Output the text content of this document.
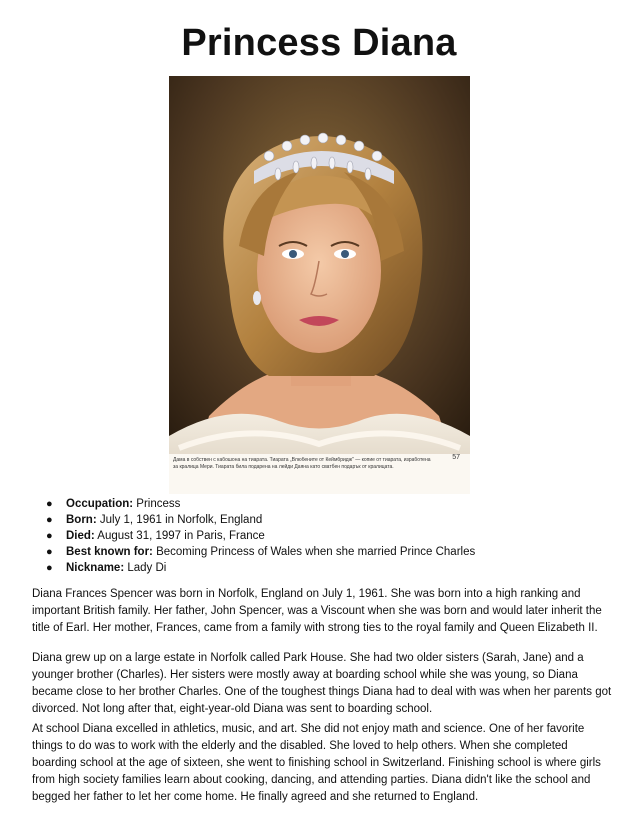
Princess Diana
Дама в собствен с кабошона на тиарата. Тиарата „Влюбените от Кеймбридж" — копие от тиарата, изработена за кралица Мери. Тиарата била подарена на лейди Даяна като сватбен подарък от кралицата.
57
● Occupation: Princess
● Born: July 1, 1961 in Norfolk, England
● Died: August 31, 1997 in Paris, France
● Best known for: Becoming Princess of Wales when she married Prince Charles
● Nickname: Lady Di

Diana Frances Spencer was born in Norfolk, England on July 1, 1961. She was born into a high ranking and important British family. Her father, John Spencer, was a Viscount when she was born and would later inherit the title of Earl. Her mother, Frances, came from a family with strong ties to the royal family and Queen Elizabeth II.

Diana grew up on a large estate in Norfolk called Park House. She had two older sisters (Sarah, Jane) and a younger brother (Charles). Her sisters were mostly away at boarding school while she was young, so Diana became close to her brother Charles. One of the toughest things Diana had to deal with was when her parents got divorced. Not long after that, eight-year-old Diana was sent to boarding school.

At school Diana excelled in athletics, music, and art. She did not enjoy math and science. One of her favorite things to do was to work with the elderly and the disabled. She loved to help others. When she completed boarding school at the age of sixteen, she went to finishing school in Switzerland. Finishing school is where girls from high society families learn about cooking, dancing, and attending parties. Diana didn't like the school and begged her father to let her come home. He finally agreed and she returned to England.
